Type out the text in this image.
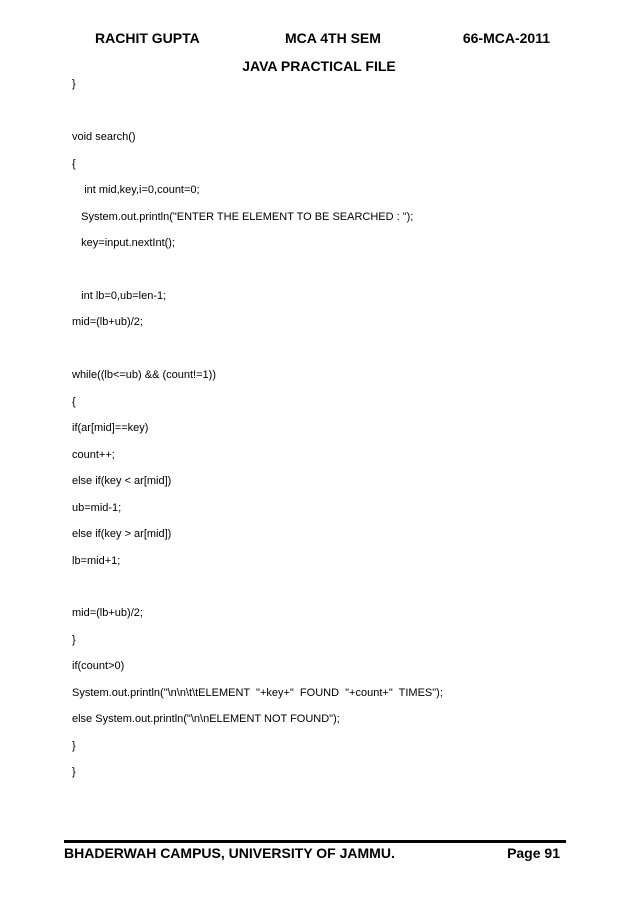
RACHIT GUPTA	MCA 4TH SEM	66-MCA-2011
JAVA PRACTICAL FILE
}
void search()
{
int mid,key,i=0,count=0;
System.out.println("ENTER THE ELEMENT TO BE SEARCHED : ");
key=input.nextInt();
int lb=0,ub=len-1;
mid=(lb+ub)/2;
while((lb<=ub) && (count!=1))
{
if(ar[mid]==key)
count++;
else if(key < ar[mid])
ub=mid-1;
else if(key > ar[mid])
lb=mid+1;
mid=(lb+ub)/2;
}
if(count>0)
System.out.println("\n\n\t\tELEMENT  "+key+"  FOUND  "+count+"  TIMES");
else System.out.println("\n\nELEMENT NOT FOUND");
}
}
BHADERWAH CAMPUS, UNIVERSITY OF JAMMU.	Page 91
